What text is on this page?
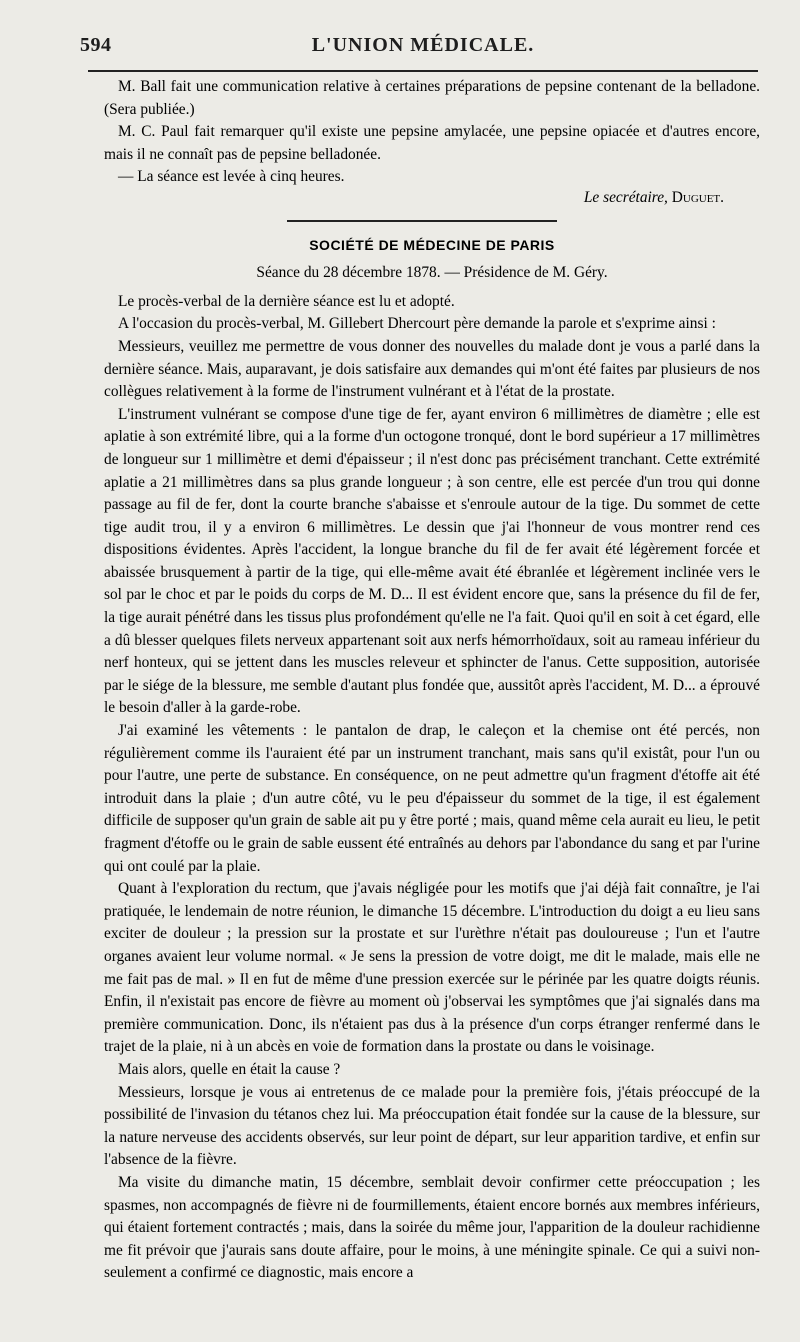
594	L'UNION MÉDICALE.

M. Ball fait une communication relative à certaines préparations de pepsine contenant de la belladone. (Sera publiée.)

M. C. Paul fait remarquer qu'il existe une pepsine amylacée, une pepsine opiacée et d'autres encore, mais il ne connaît pas de pepsine belladonée.

— La séance est levée à cinq heures.

Le secrétaire, Duguet.
SOCIÉTÉ DE MÉDECINE DE PARIS
Séance du 28 décembre 1878. — Présidence de M. Géry.

Le procès-verbal de la dernière séance est lu et adopté.

A l'occasion du procès-verbal, M. Gillebert Dhercourt père demande la parole et s'exprime ainsi :

Messieurs, veuillez me permettre de vous donner des nouvelles du malade dont je vous a parlé dans la dernière séance. Mais, auparavant, je dois satisfaire aux demandes qui m'ont été faites par plusieurs de nos collègues relativement à la forme de l'instrument vulnérant et à l'état de la prostate.

L'instrument vulnérant se compose d'une tige de fer, ayant environ 6 millimètres de diamètre ; elle est aplatie à son extrémité libre, qui a la forme d'un octogone tronqué, dont le bord supérieur a 17 millimètres de longueur sur 1 millimètre et demi d'épaisseur ; il n'est donc pas précisément tranchant. Cette extrémité aplatie a 21 millimètres dans sa plus grande longueur ; à son centre, elle est percée d'un trou qui donne passage au fil de fer, dont la courte branche s'abaisse et s'enroule autour de la tige. Du sommet de cette tige audit trou, il y a environ 6 millimètres. Le dessin que j'ai l'honneur de vous montrer rend ces dispositions évidentes. Après l'accident, la longue branche du fil de fer avait été légèrement forcée et abaissée brusquement à partir de la tige, qui elle-même avait été ébranlée et légèrement inclinée vers le sol par le choc et par le poids du corps de M. D... Il est évident encore que, sans la présence du fil de fer, la tige aurait pénétré dans les tissus plus profondément qu'elle ne l'a fait. Quoi qu'il en soit à cet égard, elle a dû blesser quelques filets nerveux appartenant soit aux nerfs hémorrhoïdaux, soit au rameau inférieur du nerf honteux, qui se jettent dans les muscles releveur et sphincter de l'anus. Cette supposition, autorisée par le siége de la blessure, me semble d'autant plus fondée que, aussitôt après l'accident, M. D... a éprouvé le besoin d'aller à la garde-robe.

J'ai examiné les vêtements : le pantalon de drap, le caleçon et la chemise ont été percés, non régulièrement comme ils l'auraient été par un instrument tranchant, mais sans qu'il existât, pour l'un ou pour l'autre, une perte de substance. En conséquence, on ne peut admettre qu'un fragment d'étoffe ait été introduit dans la plaie ; d'un autre côté, vu le peu d'épaisseur du sommet de la tige, il est également difficile de supposer qu'un grain de sable ait pu y être porté ; mais, quand même cela aurait eu lieu, le petit fragment d'étoffe ou le grain de sable eussent été entraînés au dehors par l'abondance du sang et par l'urine qui ont coulé par la plaie.

Quant à l'exploration du rectum, que j'avais négligée pour les motifs que j'ai déjà fait connaître, je l'ai pratiquée, le lendemain de notre réunion, le dimanche 15 décembre. L'introduction du doigt a eu lieu sans exciter de douleur ; la pression sur la prostate et sur l'urèthre n'était pas douloureuse ; l'un et l'autre organes avaient leur volume normal. « Je sens la pression de votre doigt, me dit le malade, mais elle ne me fait pas de mal. » Il en fut de même d'une pression exercée sur le périnée par les quatre doigts réunis. Enfin, il n'existait pas encore de fièvre au moment où j'observai les symptômes que j'ai signalés dans ma première communication. Donc, ils n'étaient pas dus à la présence d'un corps étranger renfermé dans le trajet de la plaie, ni à un abcès en voie de formation dans la prostate ou dans le voisinage.

Mais alors, quelle en était la cause ?

Messieurs, lorsque je vous ai entretenus de ce malade pour la première fois, j'étais préoccupé de la possibilité de l'invasion du tétanos chez lui. Ma préoccupation était fondée sur la cause de la blessure, sur la nature nerveuse des accidents observés, sur leur point de départ, sur leur apparition tardive, et enfin sur l'absence de la fièvre.

Ma visite du dimanche matin, 15 décembre, semblait devoir confirmer cette préoccupation ; les spasmes, non accompagnés de fièvre ni de fourmillements, étaient encore bornés aux membres inférieurs, qui étaient fortement contractés ; mais, dans la soirée du même jour, l'apparition de la douleur rachidienne me fit prévoir que j'aurais sans doute affaire, pour le moins, à une méningite spinale. Ce qui a suivi non-seulement a confirmé ce diagnostic, mais encore a
